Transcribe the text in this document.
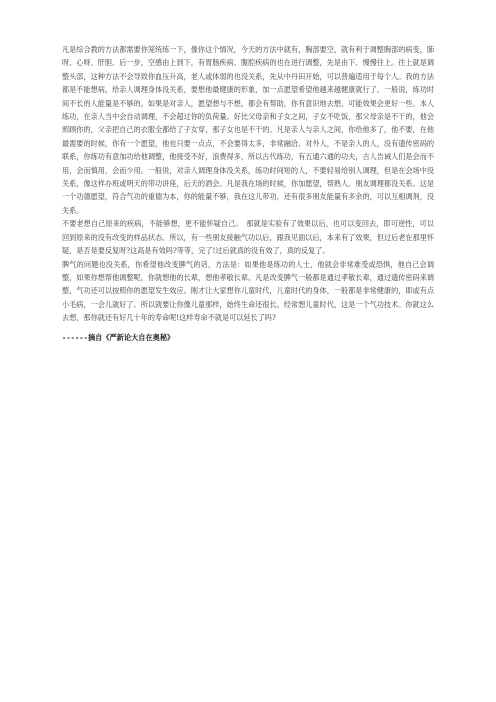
凡是综合教的方法都需要你笼统练一下，像你这个情况，今天的方法中就有，胸部要空，就有利于调整胸部的病变，肺呀、心呀、肝胆。后一步，空感由上到下，有胃肠疾病、腹腔疾病的也在进行调整，先是由下、慢慢往上。往上就是调整头部，这种方法不会导致你血压升高，老人或体弱的也没关系，先从中丹田开始，可以普遍适用于每个人。我的方法都是不能想病，给亲人调理身体没关系，要想他最健康的形象，加一点愿望希望他越来越健康就行了。一般说，练功时间不长的人能量是不够的。如果是对亲人，愿望想与不想，都会有帮助，你有意识地去想，可能效果会更好一些。本人练功，在亲人当中会自动调理，不会超过你的负荷量。好比父母亲和子女之间，子女不吃饭，那父母亲是不干的，他会照顾你的，父亲把自己的衣服全都给了子女穿，那子女也是不干的。凡是亲人与亲人之间，你给他多了，他不要，在他最需要的时候，你有一个愿望，他也只要一点点，不会要得太多，非常融洽。对外人，不是亲人的人，没有遗传密码的联系，你练功有意加功给他调整，他接受不好，浪费得多，所以古代练功，有五通六通的功夫，古人告诫人们是会而不用，会而慎用，会而少用。一般说，对亲人调理身体没关系，练功时间短的人，不要轻易给别人调理，但是在会场中没关系，像这样办班或明天的带功讲座，后天的酒会。凡是我在场的时候，你加愿望，帮熟人、朋友调理都没关系。这是一个功德愿望，符合气功的重德为本，你的能量不够，我在这儿带功，还有很多朋友能量有多余的，可以互相调剂，没关系。

不要老想自己原来的疾病，不能够想，更不能怀疑自己。　那就是实验有了效果以后，也可以变回去，即可逆性，可以回到原来的没有改变的样品状态。所以，有一些朋友接触气功以后，跟我见面以后，本来有了效果，但过后老在那里怀疑，是否是要反复呀?这高是有效吗?等等，完了!过后就真的没有效了，真的反复了。

脾气的问题也没关系，你希望他改变脾气的话，方法是：如果他是练功的人士，他就会非常难受或恐惧，他自己会调整，如果你想帮他调整呢，你就想他的长辈，想他孝敬长辈。凡是改变脾气一般都是通过孝敬长辈，通过遗传密码来调整，气功还可以按照你的愿望发生效应。刚才让大家想你儿童时代，儿童时代的身体，一般都是非常健康的，即或有点小毛病，一会儿就好了。所以就要让你像儿童那样，始终生命还很长。经常想儿童时代，这是一个气功技术。你就这么去想，那你就还有好几十年的寿命呢!这样寿命不就是可以延长了吗?

------摘自《严新论大自在奥秘》
